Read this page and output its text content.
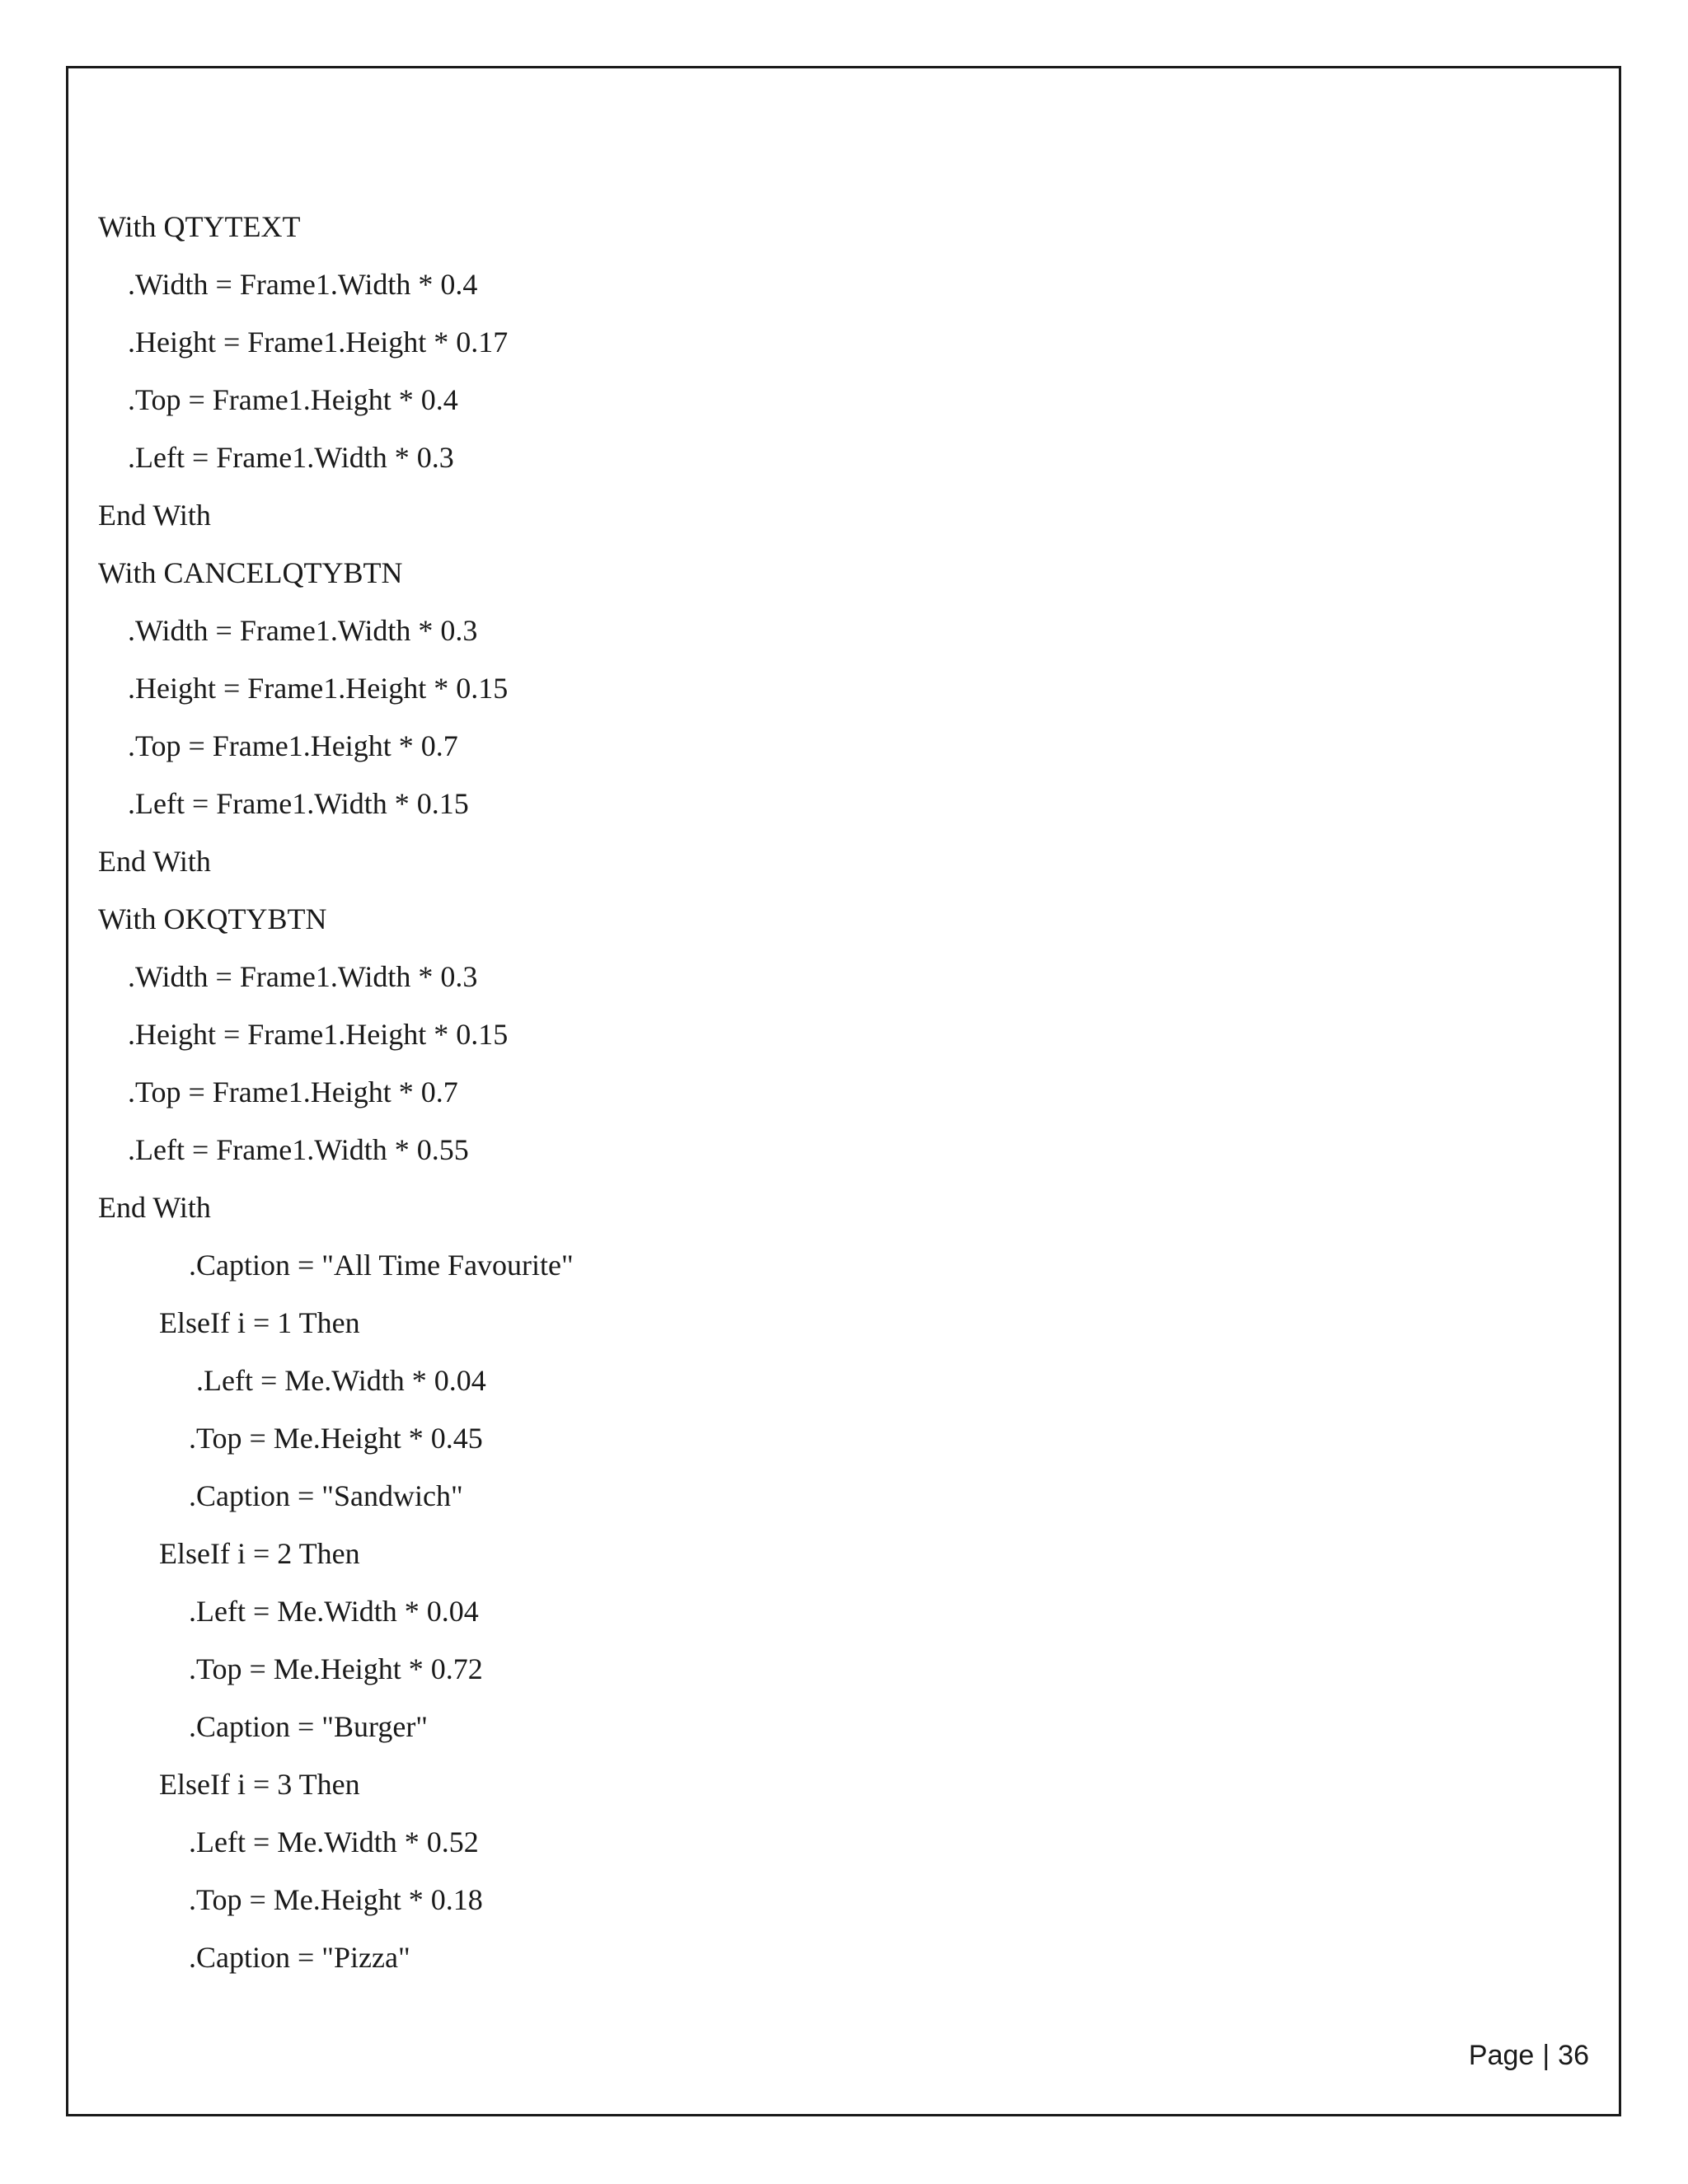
With QTYTEXT
.Width = Frame1.Width * 0.4
.Height = Frame1.Height * 0.17
.Top = Frame1.Height * 0.4
.Left = Frame1.Width * 0.3
End With
With CANCELQTYBTN
.Width = Frame1.Width * 0.3
.Height = Frame1.Height * 0.15
.Top = Frame1.Height * 0.7
.Left = Frame1.Width * 0.15
End With
With OKQTYBTN
.Width = Frame1.Width * 0.3
.Height = Frame1.Height * 0.15
.Top = Frame1.Height * 0.7
.Left = Frame1.Width * 0.55
End With
.Caption = "All Time Favourite"
ElseIf i = 1 Then
.Left = Me.Width * 0.04
.Top = Me.Height * 0.45
.Caption = "Sandwich"
ElseIf i = 2 Then
.Left = Me.Width * 0.04
.Top = Me.Height * 0.72
.Caption = "Burger"
ElseIf i = 3 Then
.Left = Me.Width * 0.52
.Top = Me.Height * 0.18
.Caption = "Pizza"

Page | 36
